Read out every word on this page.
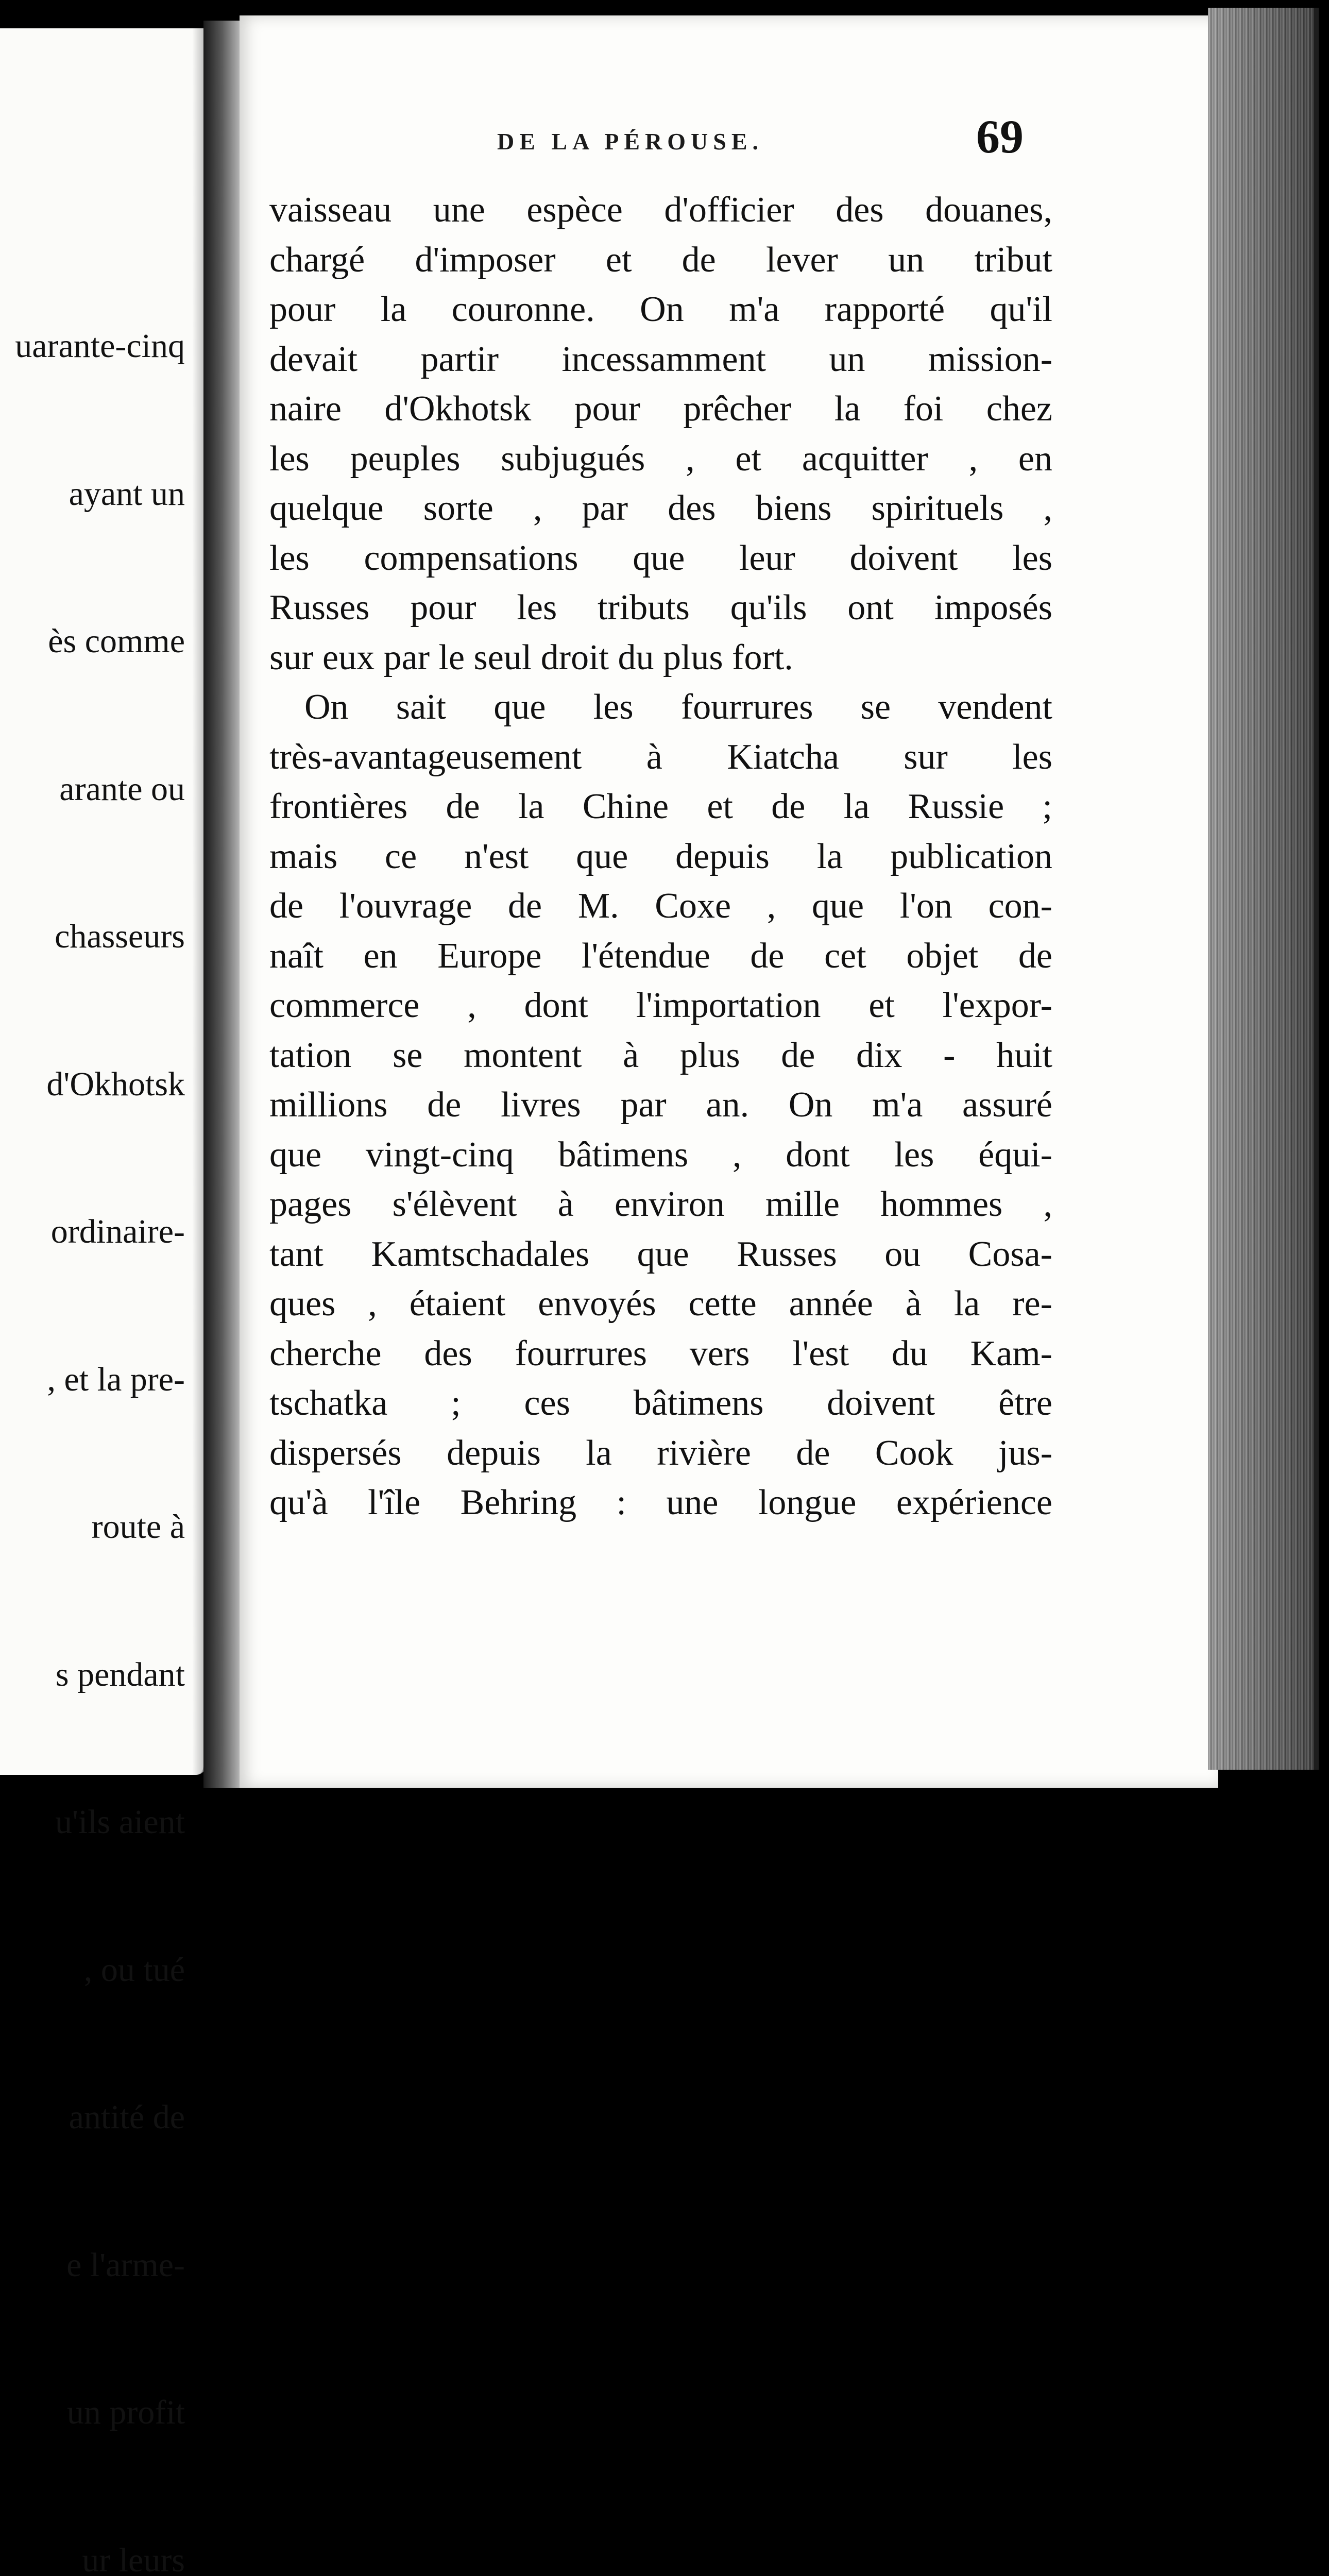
uarante-cinq

ayant un

ès comme

arante ou

chasseurs

d'Okhotsk

ordinaire-

, et la pre-

route à

s pendant

u'ils aient

, ou tué

antité de

e l'arme-

un profit

ur leurs

DE LA PÉROUSE.	69
vaisseau une espèce d'officier des douanes,
chargé d'imposer et de lever un tribut
pour la couronne. On m'a rapporté qu'il
devait partir incessamment un mission-
naire d'Okhotsk pour prêcher la foi chez
les peuples subjugués , et acquitter , en
quelque sorte , par des biens spirituels ,
les compensations que leur doivent les
Russes pour les tributs qu'ils ont imposés
sur eux par le seul droit du plus fort.
On sait que les fourrures se vendent
très-avantageusement à Kiatcha sur les
frontières de la Chine et de la Russie ;
mais ce n'est que depuis la publication
de l'ouvrage de M. Coxe , que l'on con-
naît en Europe l'étendue de cet objet de
commerce , dont l'importation et l'expor-
tation se montent à plus de dix - huit
millions de livres par an. On m'a assuré
que vingt-cinq bâtimens , dont les équi-
pages s'élèvent à environ mille hommes ,
tant Kamtschadales que Russes ou Cosa-
ques , étaient envoyés cette année à la re-
cherche des fourrures vers l'est du Kam-
tschatka ; ces bâtimens doivent être
dispersés depuis la rivière de Cook jus-
qu'à l'île Behring : une longue expérience
